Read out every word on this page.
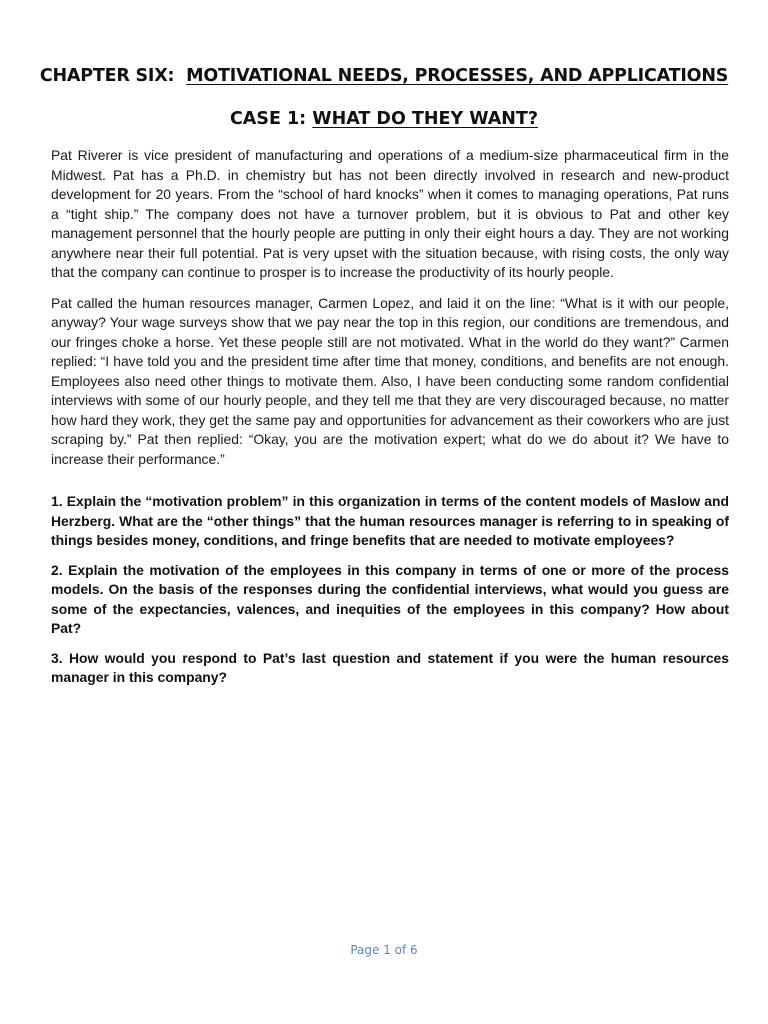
CHAPTER SIX: MOTIVATIONAL NEEDS, PROCESSES, AND APPLICATIONS
CASE 1: WHAT DO THEY WANT?

Pat Riverer is vice president of manufacturing and operations of a medium-size pharmaceutical firm in the Midwest. Pat has a Ph.D. in chemistry but has not been directly involved in research and new-product development for 20 years. From the “school of hard knocks” when it comes to managing operations, Pat runs a “tight ship.” The company does not have a turnover problem, but it is obvious to Pat and other key management personnel that the hourly people are putting in only their eight hours a day. They are not working anywhere near their full potential. Pat is very upset with the situation because, with rising costs, the only way that the company can continue to prosper is to increase the productivity of its hourly people.

Pat called the human resources manager, Carmen Lopez, and laid it on the line: “What is it with our people, anyway? Your wage surveys show that we pay near the top in this region, our conditions are tremendous, and our fringes choke a horse. Yet these people still are not motivated. What in the world do they want?” Carmen replied: “I have told you and the president time after time that money, conditions, and benefits are not enough. Employees also need other things to motivate them. Also, I have been conducting some random confidential interviews with some of our hourly people, and they tell me that they are very discouraged because, no matter how hard they work, they get the same pay and opportunities for advancement as their coworkers who are just scraping by.” Pat then replied: “Okay, you are the motivation expert; what do we do about it? We have to increase their performance.”

1. Explain the “motivation problem” in this organization in terms of the content models of Maslow and Herzberg. What are the “other things” that the human resources manager is referring to in speaking of things besides money, conditions, and fringe benefits that are needed to motivate employees?

2. Explain the motivation of the employees in this company in terms of one or more of the process models. On the basis of the responses during the confidential interviews, what would you guess are some of the expectancies, valences, and inequities of the employees in this company? How about Pat?

3. How would you respond to Pat’s last question and statement if you were the human resources manager in this company?

Page 1 of 6
